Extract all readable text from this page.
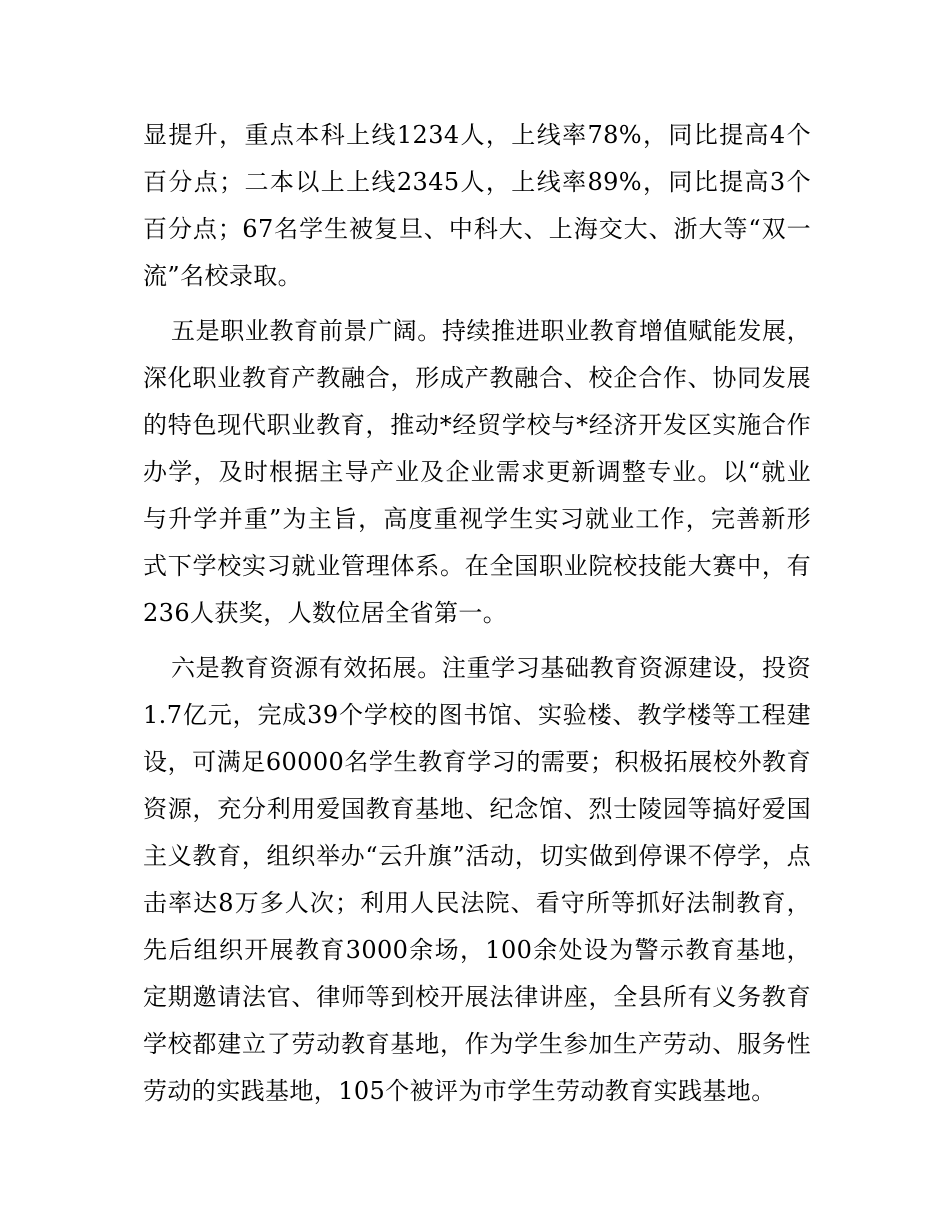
显提升，重点本科上线1234人，上线率78%，同比提高4个百分点；二本以上上线2345人，上线率89%，同比提高3个百分点；67名学生被复旦、中科大、上海交大、浙大等“双一流”名校录取。

五是职业教育前景广阔。持续推进职业教育增值赋能发展，深化职业教育产教融合，形成产教融合、校企合作、协同发展的特色现代职业教育，推动*经贸学校与*经济开发区实施合作办学，及时根据主导产业及企业需求更新调整专业。以“就业与升学并重”为主旨，高度重视学生实习就业工作，完善新形式下学校实习就业管理体系。在全国职业院校技能大赛中，有236人获奖，人数位居全省第一。

六是教育资源有效拓展。注重学习基础教育资源建设，投资1.7亿元，完成39个学校的图书馆、实验楼、教学楼等工程建设，可满足60000名学生教育学习的需要；积极拓展校外教育资源，充分利用爱国教育基地、纪念馆、烈士陵园等搞好爱国主义教育，组织举办“云升旗”活动，切实做到停课不停学，点击率达8万多人次；利用人民法院、看守所等抓好法制教育，先后组织开展教育3000余场，100余处设为警示教育基地，定期邀请法官、律师等到校开展法律讲座，全县所有义务教育学校都建立了劳动教育基地，作为学生参加生产劳动、服务性劳动的实践基地，105个被评为市学生劳动教育实践基地。
